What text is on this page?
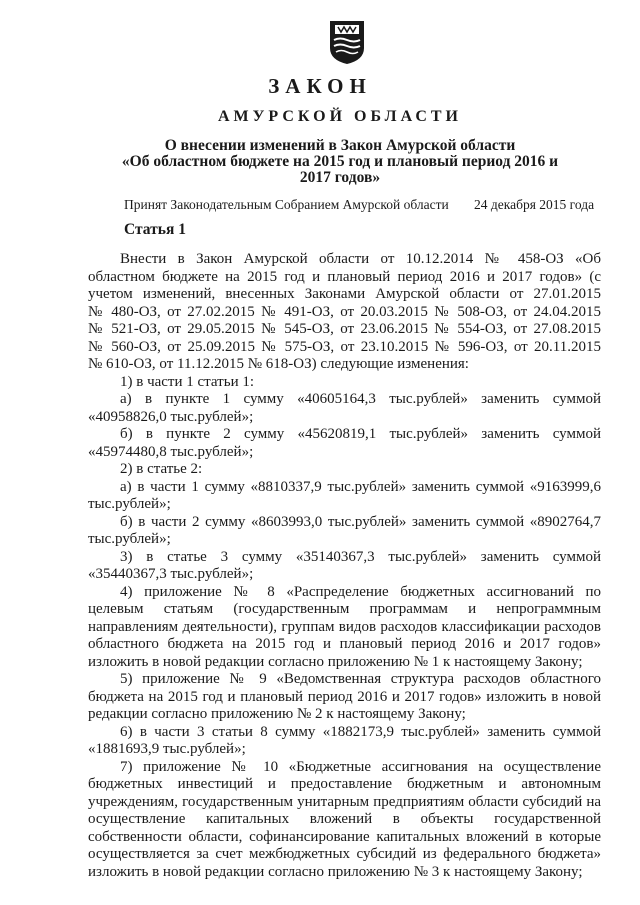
ЗАКОН
АМУРСКОЙ ОБЛАСТИ
О внесении изменений в Закон Амурской области
«Об областном бюджете на 2015 год и плановый период 2016 и
2017 годов»
Принят Законодательным Собранием Амурской области 24 декабря 2015 года
Статья 1
Внести в Закон Амурской области от 10.12.2014 № 458-ОЗ «Об
областном бюджете на 2015 год и плановый период 2016 и 2017 годов» (с
учетом изменений, внесенных Законами Амурской области от 27.01.2015
№ 480-ОЗ, от 27.02.2015 № 491-ОЗ, от 20.03.2015 № 508-ОЗ, от 24.04.2015
№ 521-ОЗ, от 29.05.2015 № 545-ОЗ, от 23.06.2015 № 554-ОЗ, от 27.08.2015
№ 560-ОЗ, от 25.09.2015 № 575-ОЗ, от 23.10.2015 № 596-ОЗ, от 20.11.2015
№ 610-ОЗ, от 11.12.2015 № 618-ОЗ) следующие изменения:
1) в части 1 статьи 1:
а) в пункте 1 сумму «40605164,3 тыс.рублей» заменить суммой
«40958826,0 тыс.рублей»;
б) в пункте 2 сумму «45620819,1 тыс.рублей» заменить суммой
«45974480,8 тыс.рублей»;
2) в статье 2:
а) в части 1 сумму «8810337,9 тыс.рублей» заменить суммой «9163999,6
тыс.рублей»;
б) в части 2 сумму «8603993,0 тыс.рублей» заменить суммой «8902764,7
тыс.рублей»;
3) в статье 3 сумму «35140367,3 тыс.рублей» заменить суммой
«35440367,3 тыс.рублей»;
4) приложение № 8 «Распределение бюджетных ассигнований по
целевым статьям (государственным программам и непрограммным
направлениям деятельности), группам видов расходов классификации расходов
областного бюджета на 2015 год и плановый период 2016 и 2017 годов»
изложить в новой редакции согласно приложению № 1 к настоящему Закону;
5) приложение № 9 «Ведомственная структура расходов областного
бюджета на 2015 год и плановый период 2016 и 2017 годов» изложить в новой
редакции согласно приложению № 2 к настоящему Закону;
6) в части 3 статьи 8 сумму «1882173,9 тыс.рублей» заменить суммой
«1881693,9 тыс.рублей»;
7) приложение № 10 «Бюджетные ассигнования на осуществление
бюджетных инвестиций и предоставление бюджетным и автономным
учреждениям, государственным унитарным предприятиям области субсидий на
осуществление капитальных вложений в объекты государственной
собственности области, софинансирование капитальных вложений в которые
осуществляется за счет межбюджетных субсидий из федерального бюджета»
изложить в новой редакции согласно приложению № 3 к настоящему Закону;
